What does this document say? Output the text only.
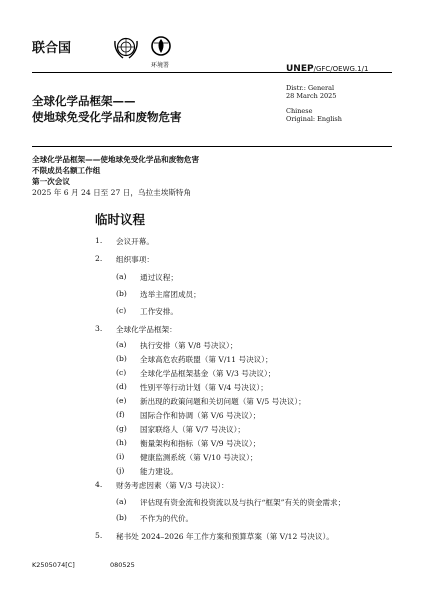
联合国
环境署	UNEP/GFC/OEWG.1/1
全球化学品框架——
使地球免受化学品和废物危害
Distr.: General
28 March 2025
Chinese
Original: English
全球化学品框架——使地球免受化学品和废物危害
不限成员名额工作组
第一次会议
2025 年 6 月 24 日至 27 日，乌拉圭埃斯特角
临时议程
1. 会议开幕。
2. 组织事项：
(a) 通过议程；
(b) 选举主席团成员；
(c) 工作安排。
3. 全球化学品框架：
(a) 执行安排（第 V/8 号决议）；
(b) 全球高危农药联盟（第 V/11 号决议）；
(c) 全球化学品框架基金（第 V/3 号决议）；
(d) 性别平等行动计划（第 V/4 号决议）；
(e) 新出现的政策问题和关切问题（第 V/5 号决议）；
(f) 国际合作和协调（第 V/6 号决议）；
(g) 国家联络人（第 V/7 号决议）；
(h) 衡量架构和指标（第 V/9 号决议）；
(i) 健康监测系统（第 V/10 号决议）；
(j) 能力建设。
4. 财务考虑因素（第 V/3 号决议）：
(a) 评估现有资金流和投资流以及与执行“框架”有关的资金需求；
(b) 不作为的代价。
K2505074[C]	080525
5. 秘书处 2024–2026 年工作方案和预算草案（第 V/12 号决议）。
